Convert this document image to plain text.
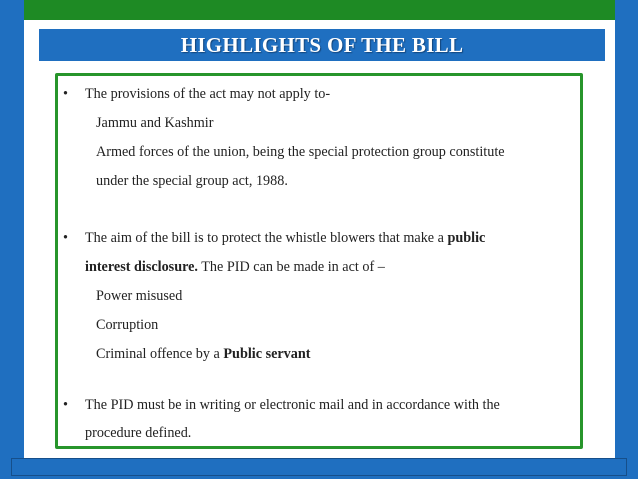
HIGHLIGHTS OF THE BILL
• The provisions of the act may not apply to-
Jammu and Kashmir
Armed forces of the union, being the special protection group constitute
under the special group act, 1988.
• The aim of the bill is to protect the whistle blowers that make a public
interest disclosure. The PID can be made in act of –
Power misused
Corruption
Criminal offence by a Public servant
• The PID must be in writing or electronic mail and in accordance with the
procedure defined.
